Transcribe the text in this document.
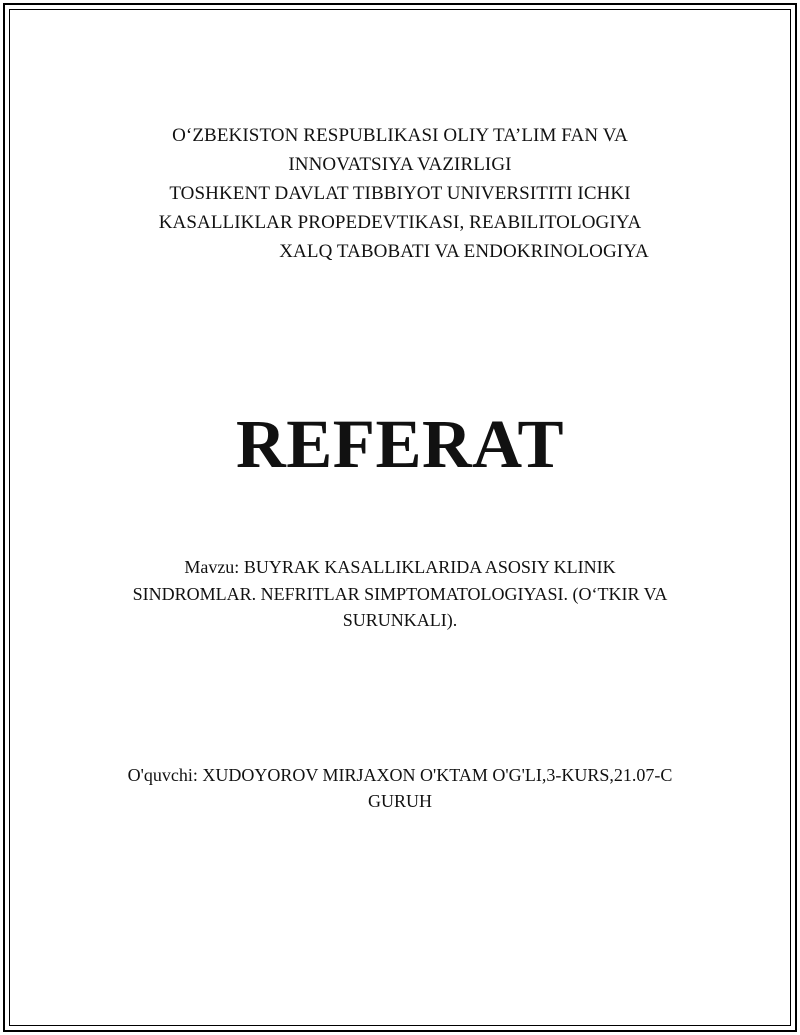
O‘ZBEKISTON RESPUBLIKASI OLIY TA’LIM FAN VA
INNOVATSIYA VAZIRLIGI
TOSHKENT DAVLAT TIBBIYOT UNIVERSITITI ICHKI
KASALLIKLAR PROPEDEVTIKASI, REABILITOLOGIYA
XALQ TABOBATI VA ENDOKRINOLOGIYA
REFERAT
Mavzu: BUYRAK KASALLIKLARIDA ASOSIY KLINIK
SINDROMLAR. NEFRITLAR SIMPTOMATOLOGIYASI. (O‘TKIR VA
SURUNKALI).
O'quvchi: XUDOYOROV MIRJAXON O'KTAM O'G'LI,3-KURS,21.07-C
GURUH
